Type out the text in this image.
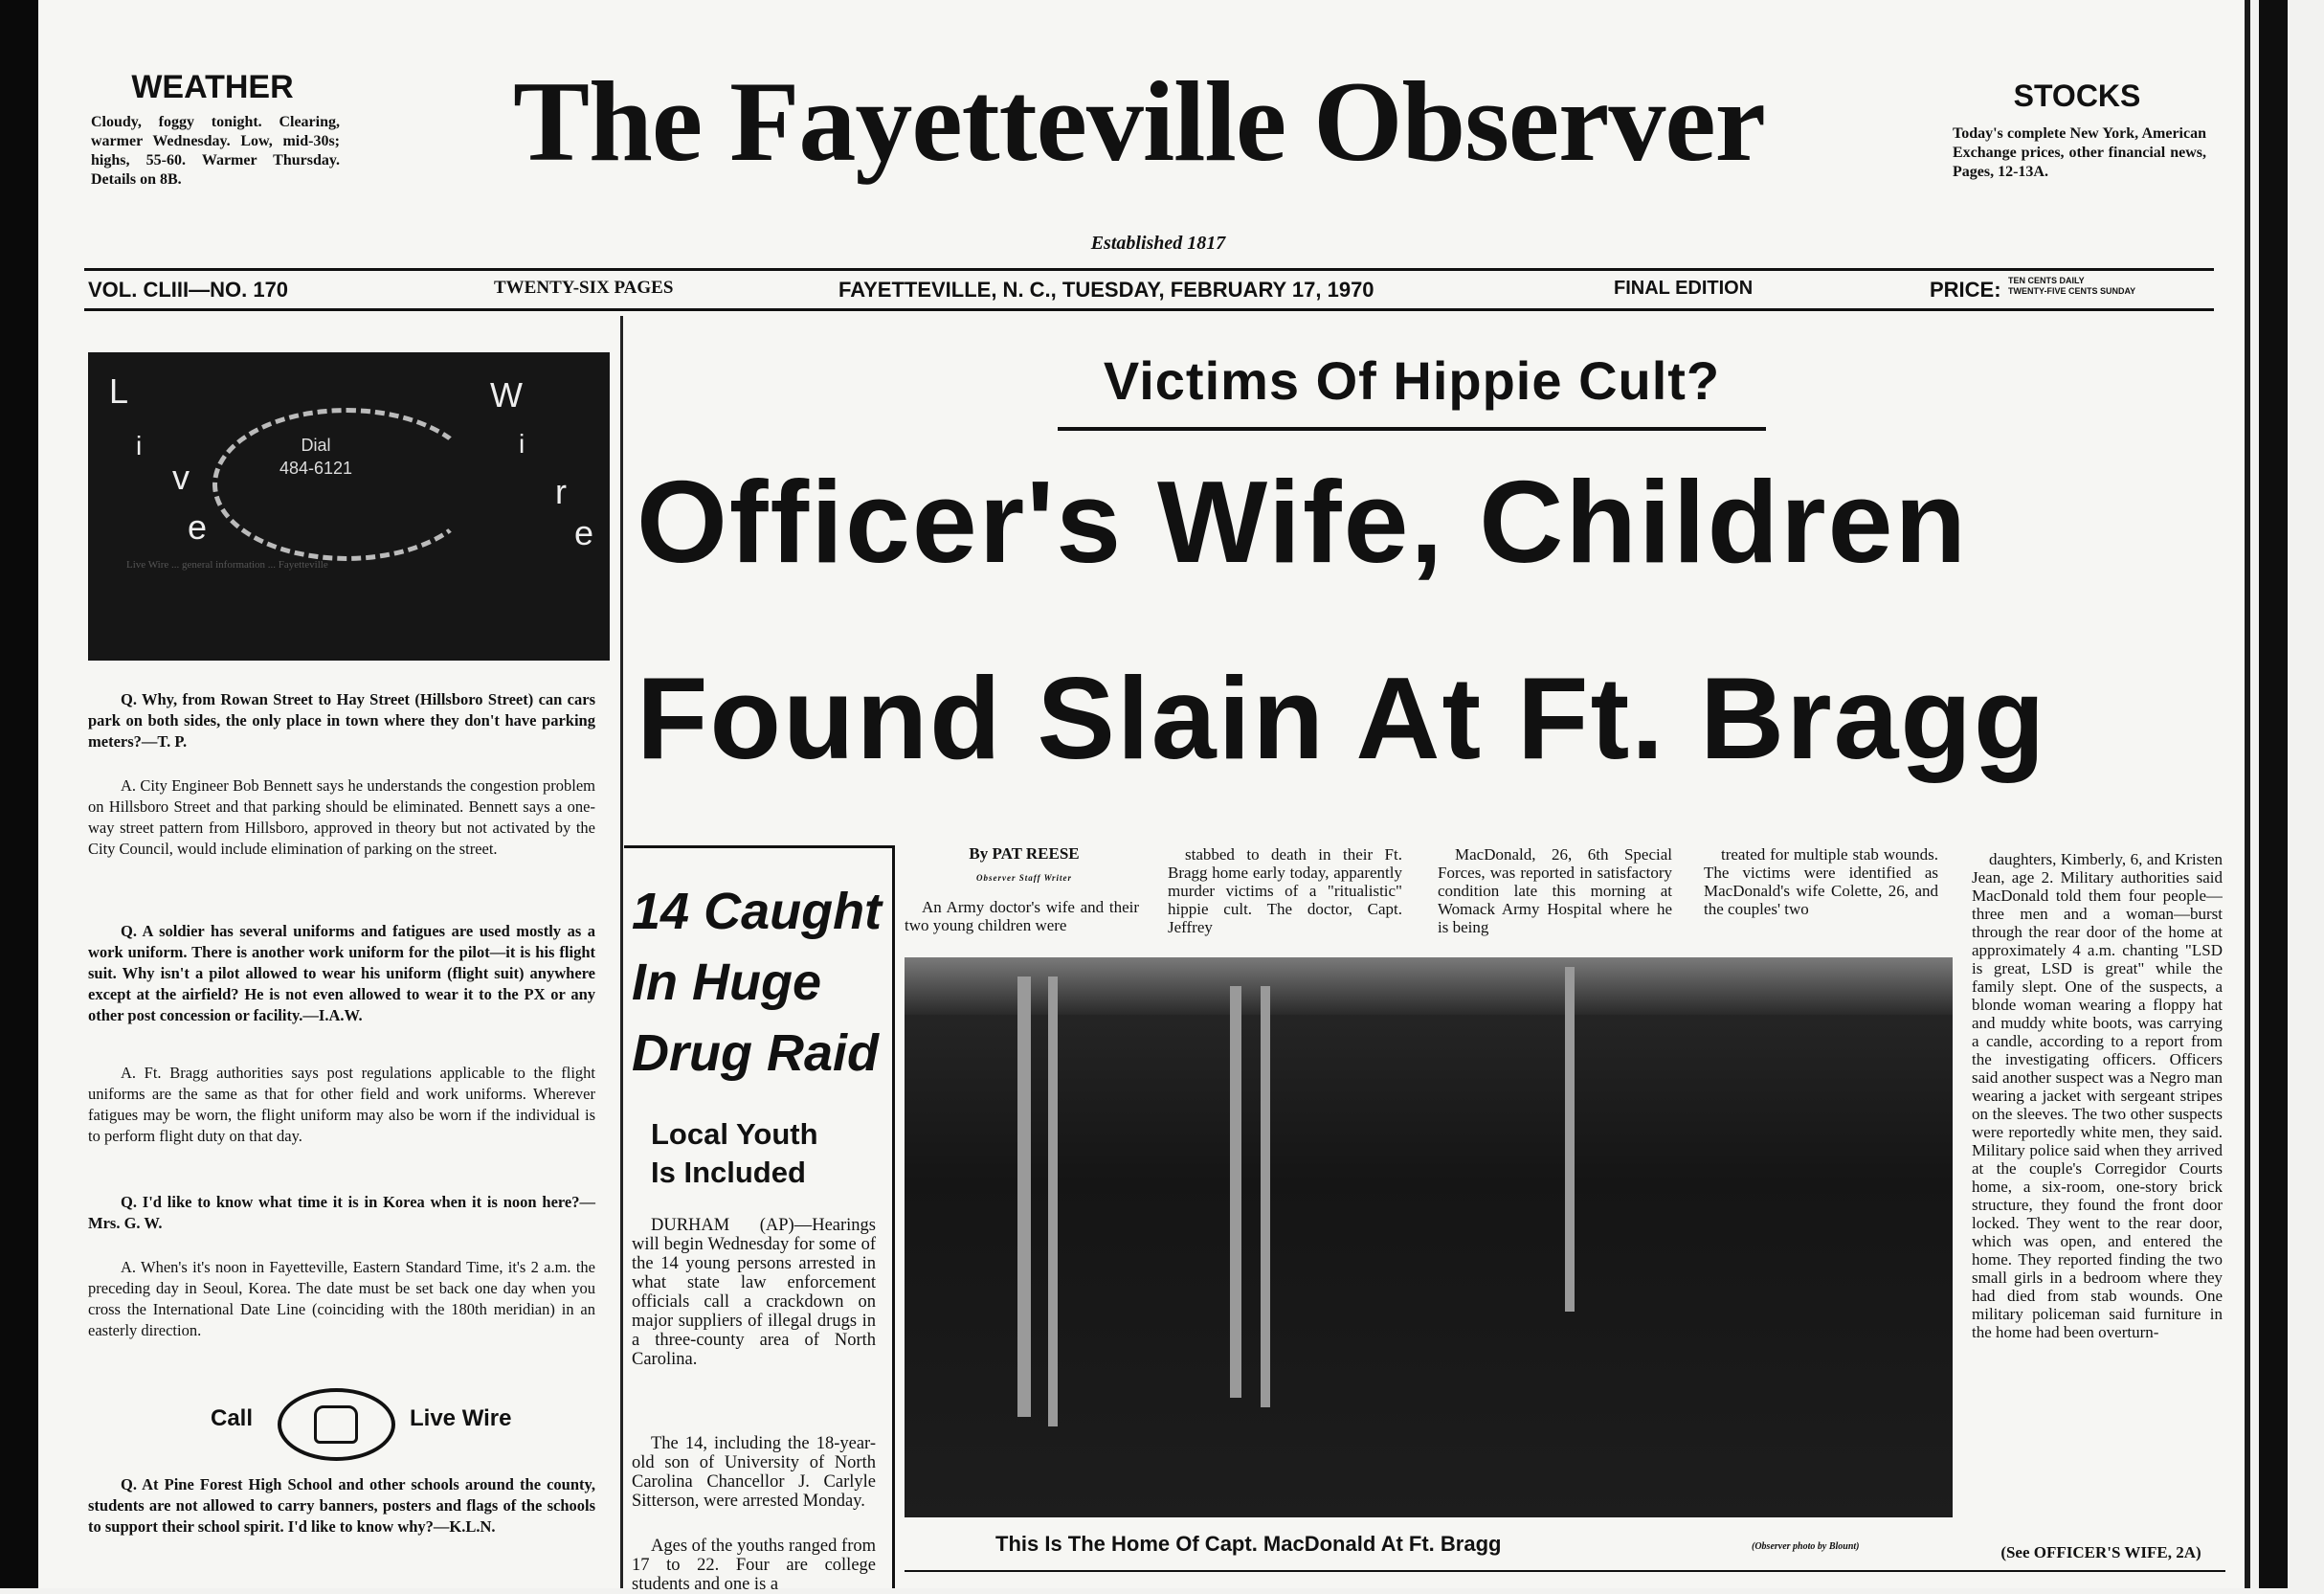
WEATHER
Cloudy, foggy tonight. Clearing, warmer Wednesday. Low, mid-30s; highs, 55-60. Warmer Thursday. Details on 8B.	The Fayetteville Observer
Established 1817
STOCKS
Today's complete New York, American Exchange prices, other financial news, Pages, 12-13A.
VOL. CLIII—NO. 170	TWENTY-SIX PAGES	FAYETTEVILLE, N. C., TUESDAY, FEBRUARY 17, 1970	FINAL EDITION	PRICE: TEN CENTS DAILY
TWENTY-FIVE CENTS SUNDAY
L
i
v
e
W
i
r
e
Dial
484-6121
Live Wire ... general information ... Fayetteville
Q. Why, from Rowan Street to Hay Street (Hillsboro Street) can cars park on both sides, the only place in town where they don't have parking meters?—T. P.
A. City Engineer Bob Bennett says he understands the congestion problem on Hillsboro Street and that parking should be eliminated. Bennett says a one-way street pattern from Hillsboro, approved in theory but not activated by the City Council, would include elimination of parking on the street.
Q. A soldier has several uniforms and fatigues are used mostly as a work uniform. There is another work uniform for the pilot—it is his flight suit. Why isn't a pilot allowed to wear his uniform (flight suit) anywhere except at the airfield? He is not even allowed to wear it to the PX or any other post concession or facility.—I.A.W.
A. Ft. Bragg authorities says post regulations applicable to the flight uniforms are the same as that for other field and work uniforms. Wherever fatigues may be worn, the flight uniform may also be worn if the individual is to perform flight duty on that day.
Q. I'd like to know what time it is in Korea when it is noon here?—Mrs. G. W.
A. When's it's noon in Fayetteville, Eastern Standard Time, it's 2 a.m. the preceding day in Seoul, Korea. The date must be set back one day when you cross the International Date Line (coinciding with the 180th meridian) in an easterly direction.
Call	Live Wire
Q. At Pine Forest High School and other schools around the county, students are not allowed to carry banners, posters and flags of the schools to support their school spirit. I'd like to know why?—K.L.N.
Victims Of Hippie Cult?
Officer's Wife, Children
Found Slain At Ft. Bragg
14 Caught
In Huge
Drug Raid
Local Youth
Is Included
DURHAM (AP)—Hearings will begin Wednesday for some of the 14 young persons arrested in what state law enforcement officials call a crackdown on major suppliers of illegal drugs in a three-county area of North Carolina.
The 14, including the 18-year-old son of University of North Carolina Chancellor J. Carlyle Sitterson, were arrested Monday.
Ages of the youths ranged from 17 to 22. Four are college students and one is a
By PAT REESE
Observer Staff Writer
An Army doctor's wife and their two young children were
stabbed to death in their Ft. Bragg home early today, apparently murder victims of a "ritualistic" hippie cult. The doctor, Capt. Jeffrey
MacDonald, 26, 6th Special Forces, was reported in satisfactory condition late this morning at Womack Army Hospital where he is being
treated for multiple stab wounds. The victims were identified as MacDonald's wife Colette, 26, and the couples' two
daughters, Kimberly, 6, and Kristen Jean, age 2. Military authorities said MacDonald told them four people—three men and a woman—burst through the rear door of the home at approximately 4 a.m. chanting "LSD is great, LSD is great" while the family slept. One of the suspects, a blonde woman wearing a floppy hat and muddy white boots, was carrying a candle, according to a report from the investigating officers. Officers said another suspect was a Negro man wearing a jacket with sergeant stripes on the sleeves. The two other suspects were reportedly white men, they said. Military police said when they arrived at the couple's Corregidor Courts home, a six-room, one-story brick structure, they found the front door locked. They went to the rear door, which was open, and entered the home. They reported finding the two small girls in a bedroom where they had died from stab wounds. One military policeman said furniture in the home had been overturn-
This Is The Home Of Capt. MacDonald At Ft. Bragg	(Observer photo by Blount)	(See OFFICER'S WIFE, 2A)
